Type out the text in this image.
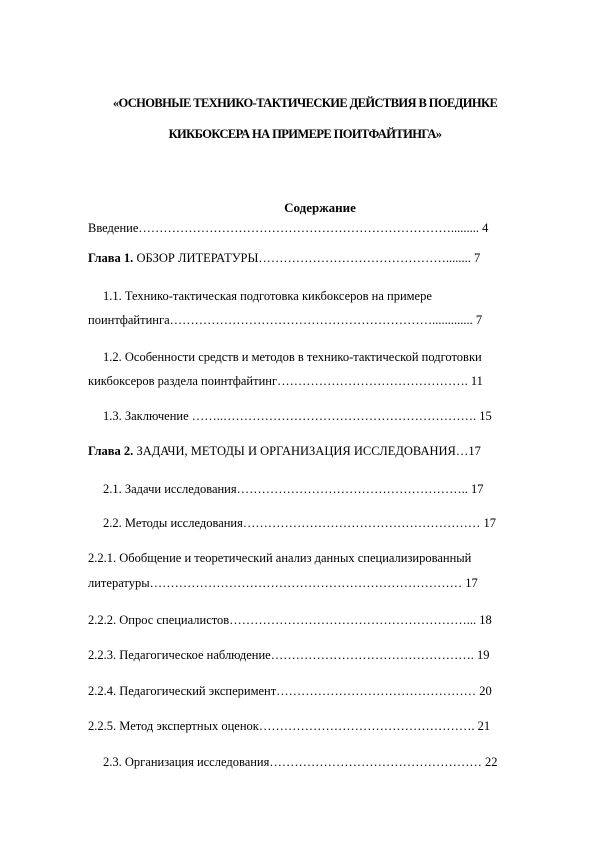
«ОСНОВНЫЕ ТЕХНИКО-ТАКТИЧЕСКИЕ ДЕЙСТВИЯ В ПОЕДИНКЕ
КИКБОКСЕРА НА ПРИМЕРЕ ПОИТФАЙТИНГА»
Содержание
Введение…………………………………………………………………......... 4
Глава 1. ОБЗОР ЛИТЕРАТУРЫ………………………………………........ 7
1.1. Технико-тактическая подготовка кикбоксеров на примере
поинтфайтинга………………………………………………………............. 7
1.2. Особенности средств и методов в технико-тактической подготовки
кикбоксеров раздела поинтфайтинг………………………………………. 11
1.3. Заключение ……..……………………………………………………. 15
Глава 2. ЗАДАЧИ, МЕТОДЫ И ОРГАНИЗАЦИЯ ИССЛЕДОВАНИЯ…17
2.1. Задачи исследования……………………………………………….. 17
2.2. Методы исследования………………………………………………… 17
2.2.1. Обобщение и теоретический анализ данных специализированный
литературы………………………………………………………………… 17
2.2.2. Опрос специалистов…………………………………………………... 18
2.2.3. Педагогическое наблюдение…………………………………………. 19
2.2.4. Педагогический эксперимент………………………………………… 20
2.2.5. Метод экспертных оценок……………………………………………. 21
2.3. Организация исследования…………………………………………… 22
